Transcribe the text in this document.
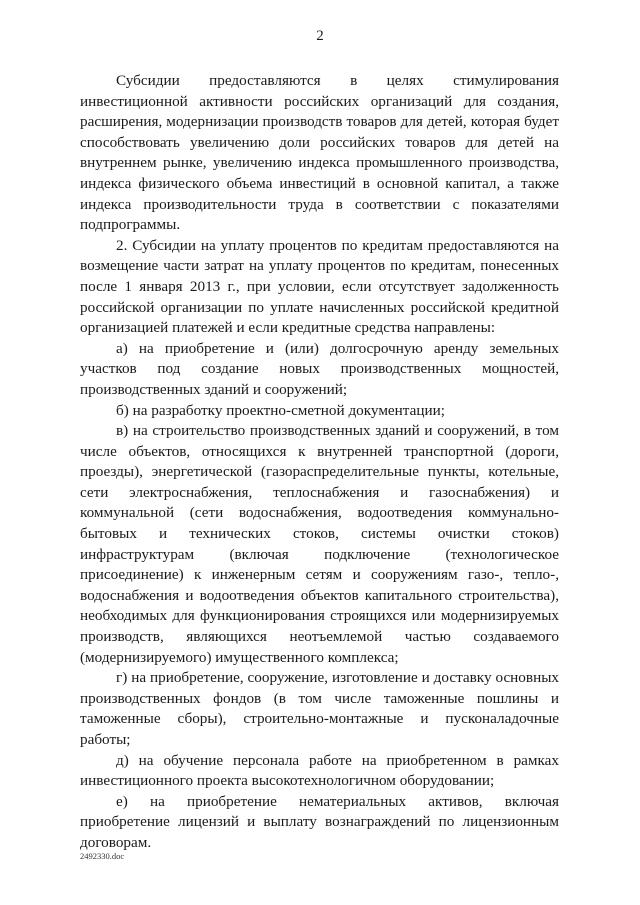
2

Субсидии предоставляются в целях стимулирования инвестиционной активности российских организаций для создания, расширения, модернизации производств товаров для детей, которая будет способствовать увеличению доли российских товаров для детей на внутреннем рынке, увеличению индекса промышленного производства, индекса физического объема инвестиций в основной капитал, а также индекса производительности труда в соответствии с показателями подпрограммы.

2. Субсидии на уплату процентов по кредитам предоставляются на возмещение части затрат на уплату процентов по кредитам, понесенных после 1 января 2013 г., при условии, если отсутствует задолженность российской организации по уплате начисленных российской кредитной организацией платежей и если кредитные средства направлены:

а) на приобретение и (или) долгосрочную аренду земельных участков под создание новых производственных мощностей, производственных зданий и сооружений;

б) на разработку проектно-сметной документации;

в) на строительство производственных зданий и сооружений, в том числе объектов, относящихся к внутренней транспортной (дороги, проезды), энергетической (газораспределительные пункты, котельные, сети электроснабжения, теплоснабжения и газоснабжения) и коммунальной (сети водоснабжения, водоотведения коммунально-бытовых и технических стоков, системы очистки стоков) инфраструктурам (включая подключение (технологическое присоединение) к инженерным сетям и сооружениям газо-, тепло-, водоснабжения и водоотведения объектов капитального строительства), необходимых для функционирования строящихся или модернизируемых производств, являющихся неотъемлемой частью создаваемого (модернизируемого) имущественного комплекса;

г) на приобретение, сооружение, изготовление и доставку основных производственных фондов (в том числе таможенные пошлины и таможенные сборы), строительно-монтажные и пусконаладочные работы;

д) на обучение персонала работе на приобретенном в рамках инвестиционного проекта высокотехнологичном оборудовании;

е) на приобретение нематериальных активов, включая приобретение лицензий и выплату вознаграждений по лицензионным договорам.

2492330.doc
